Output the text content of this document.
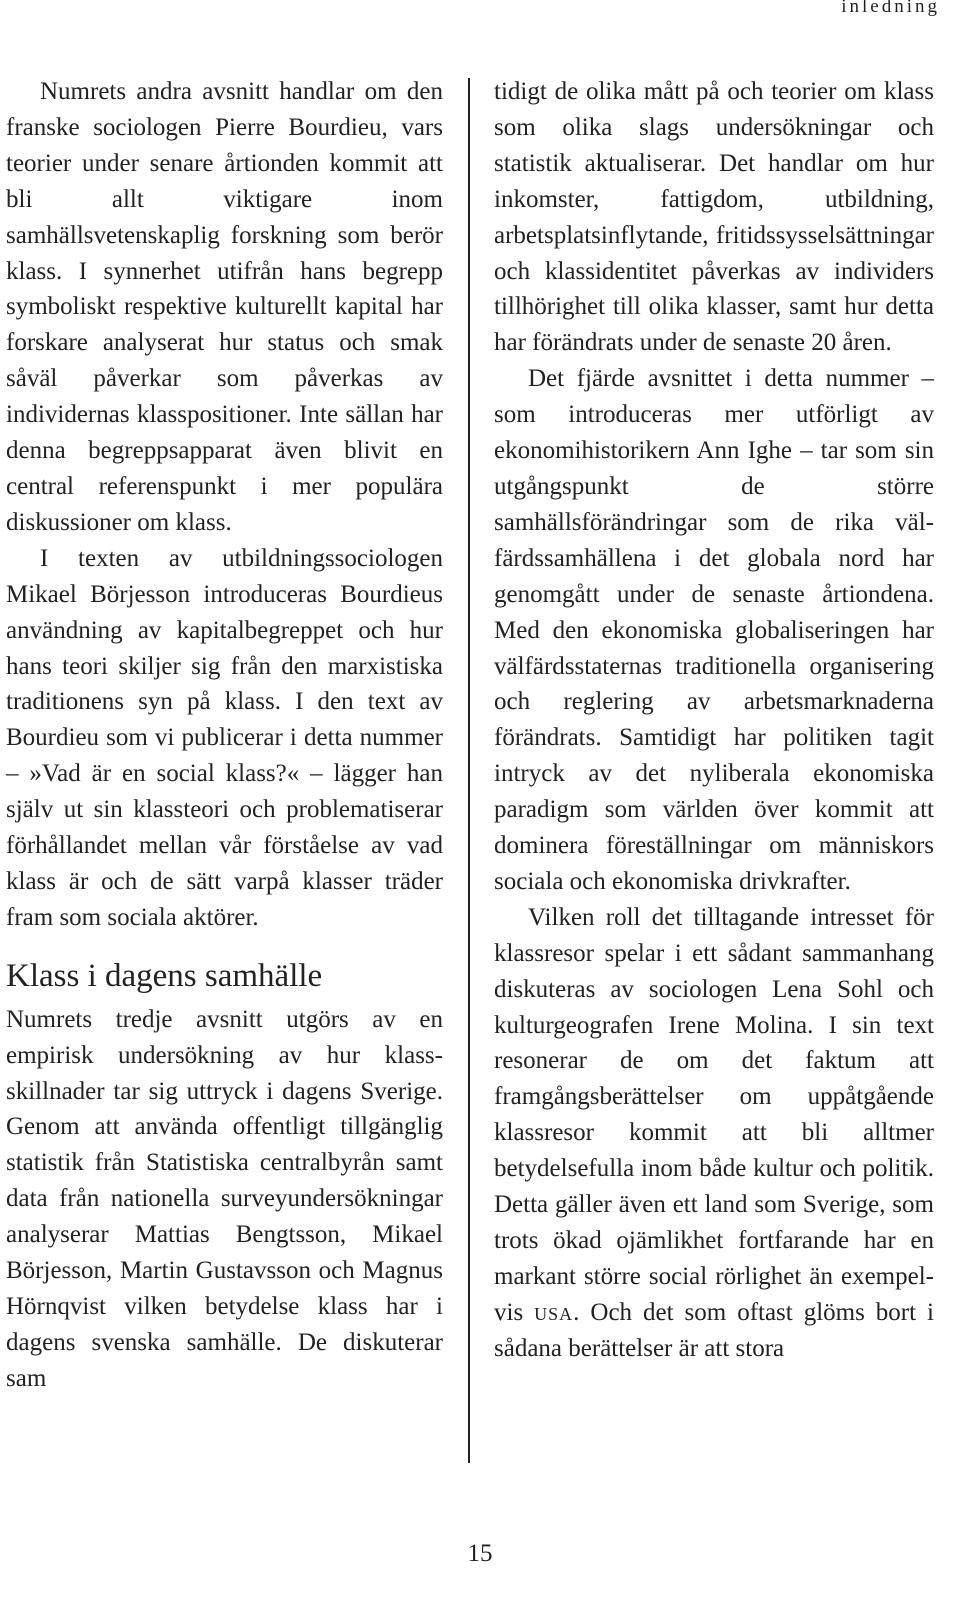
inledning

Numrets andra avsnitt handlar om den franske sociologen Pierre Bourdieu, vars teorier under senare årtionden kommit att bli allt viktigare inom samhällsvetenskaplig forskning som berör klass. I synnerhet utifrån hans begrepp symboliskt respektive kulturellt kapital har forskare analyserat hur status och smak såväl påverkar som påverkas av individernas klasspositioner. Inte sällan har denna begreppsapparat även blivit en central referenspunkt i mer populära diskussioner om klass.

I texten av utbildningssociologen Mikael Börjesson introduceras Bourdieus användning av kapitalbegreppet och hur hans teori skiljer sig från den marxistiska traditionens syn på klass. I den text av Bourdieu som vi publicerar i detta nummer – »Vad är en social klass?« – lägger han själv ut sin klassteori och problematiserar förhållandet mellan vår förståelse av vad klass är och de sätt varpå klasser träder fram som sociala aktörer.

Klass i dagens samhälle

Numrets tredje avsnitt utgörs av en empirisk undersökning av hur klassskillnader tar sig uttryck i dagens Sverige. Genom att använda offentligt tillgänglig statistik från Statistiska centralbyrån samt data från nationella surveyundersökningar analyserar Mattias Bengtsson, Mikael Börjesson, Martin Gustavsson och Magnus Hörnqvist vilken betydelse klass har i dagens svenska samhälle. De diskuterar sam

tidigt de olika mått på och teorier om klass som olika slags undersökningar och statistik aktualiserar. Det handlar om hur inkomster, fattigdom, utbildning, arbetsplatsinflytande, fritidssysselsättningar och klassidentitet påverkas av individers tillhörighet till olika klasser, samt hur detta har förändrats under de senaste 20 åren.

Det fjärde avsnittet i detta nummer – som introduceras mer utförligt av ekonomihistorikern Ann Ighe – tar som sin utgångspunkt de större samhällsförändringar som de rika välfärdssamhällena i det globala nord har genomgått under de senaste årtiondena. Med den ekonomiska globaliseringen har välfärdsstaternas traditionella organisering och reglering av arbetsmarknaderna förändrats. Samtidigt har politiken tagit intryck av det nyliberala ekonomiska paradigm som världen över kommit att dominera föreställningar om människors sociala och ekonomiska drivkrafter.

Vilken roll det tilltagande intresset för klassresor spelar i ett sådant sammanhang diskuteras av sociologen Lena Sohl och kulturgeografen Irene Molina. I sin text resonerar de om det faktum att framgångsberättelser om uppåtgående klassresor kommit att bli alltmer betydelsefulla inom både kultur och politik. Detta gäller även ett land som Sverige, som trots ökad ojämlikhet fortfarande har en markant större social rörlighet än exempelvis usa. Och det som oftast glöms bort i sådana berättelser är att stora

15
